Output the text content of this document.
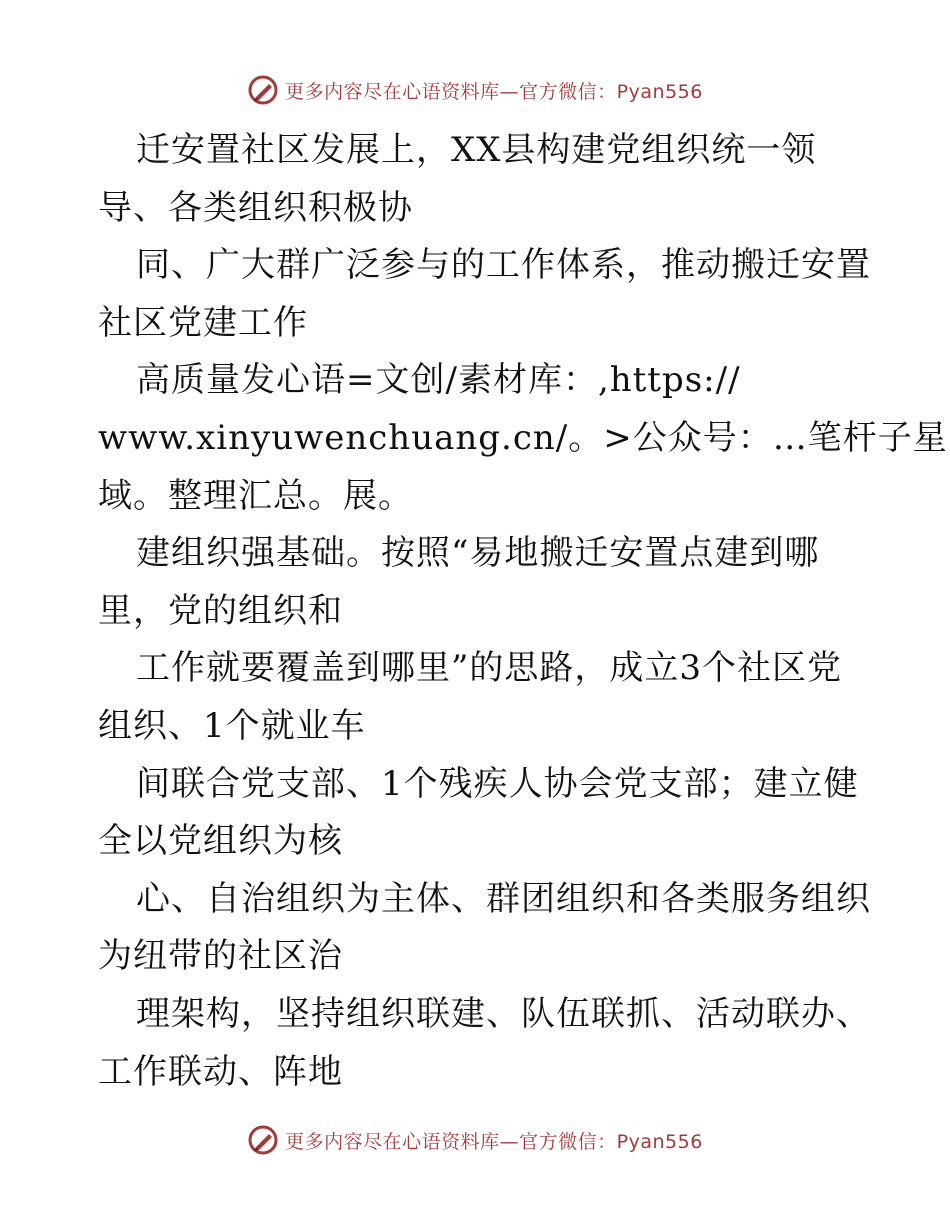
更多内容尽在心语资料库—官方微信：Pyan556
迁安置社区发展上，XX县构建党组织统一领
导、各类组织积极协
同、广大群广泛参与的工作体系，推动搬迁安置
社区党建工作
高质量发心语=文创/素材库：,https://
www.xinyuwenchuang.cn/。>公众号：…笔杆子星
域。整理汇总。展。
建组织强基础。按照“易地搬迁安置点建到哪
里，党的组织和
工作就要覆盖到哪里”的思路，成立3个社区党
组织、1个就业车
间联合党支部、1个残疾人协会党支部；建立健
全以党组织为核
心、自治组织为主体、群团组织和各类服务组织
为纽带的社区治
理架构，坚持组织联建、队伍联抓、活动联办、
工作联动、阵地
更多内容尽在心语资料库—官方微信：Pyan556
